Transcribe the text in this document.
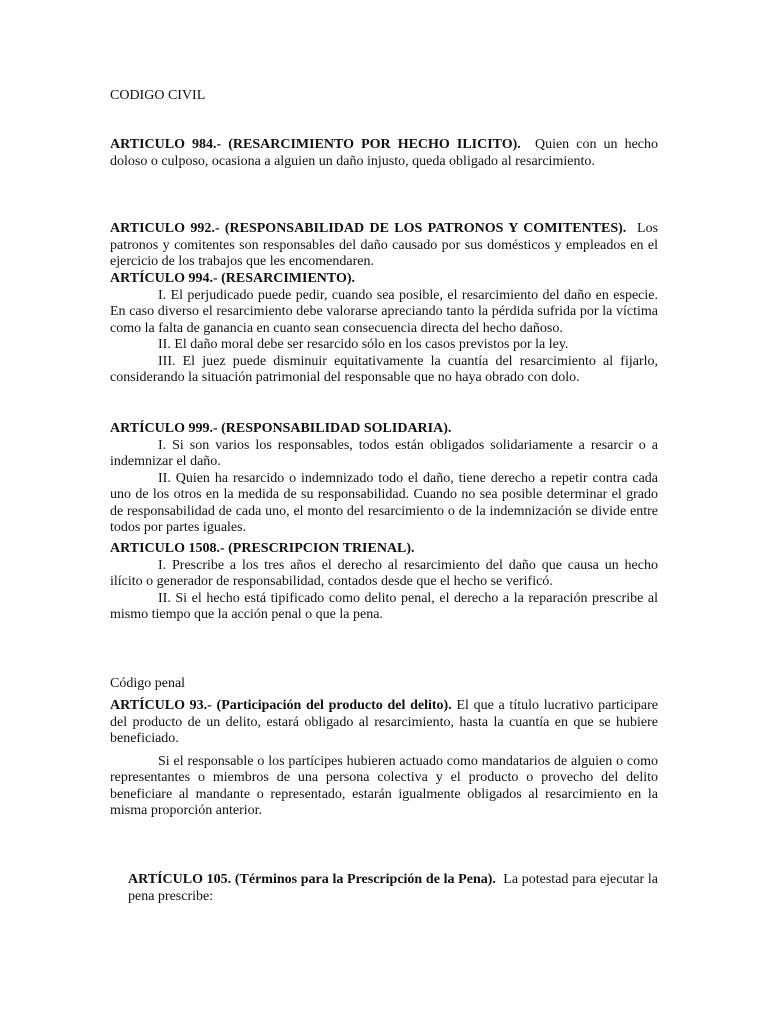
CODIGO CIVIL

ARTICULO 984.- (RESARCIMIENTO POR HECHO ILICITO). Quien con un hecho doloso o culposo, ocasiona a alguien un daño injusto, queda obligado al resarcimiento.

ARTICULO 992.- (RESPONSABILIDAD DE LOS PATRONOS Y COMITENTES). Los patronos y comitentes son responsables del daño causado por sus domésticos y empleados en el ejercicio de los trabajos que les encomendaren.

ARTÍCULO 994.- (RESARCIMIENTO).

I. El perjudicado puede pedir, cuando sea posible, el resarcimiento del daño en especie. En caso diverso el resarcimiento debe valorarse apreciando tanto la pérdida sufrida por la víctima como la falta de ganancia en cuanto sean consecuencia directa del hecho dañoso.

II. El daño moral debe ser resarcido sólo en los casos previstos por la ley.

III. El juez puede disminuir equitativamente la cuantía del resarcimiento al fijarlo, considerando la situación patrimonial del responsable que no haya obrado con dolo.

ARTÍCULO 999.- (RESPONSABILIDAD SOLIDARIA).

I. Si son varios los responsables, todos están obligados solidariamente a resarcir o a indemnizar el daño.

II. Quien ha resarcido o indemnizado todo el daño, tiene derecho a repetir contra cada uno de los otros en la medida de su responsabilidad. Cuando no sea posible determinar el grado de responsabilidad de cada uno, el monto del resarcimiento o de la indemnización se divide entre todos por partes iguales.

ARTICULO 1508.- (PRESCRIPCION TRIENAL).

I. Prescribe a los tres años el derecho al resarcimiento del daño que causa un hecho ilícito o generador de responsabilidad, contados desde que el hecho se verificó.

II. Si el hecho está tipificado como delito penal, el derecho a la reparación prescribe al mismo tiempo que la acción penal o que la pena.

Código penal

ARTÍCULO 93.- (Participación del producto del delito). El que a título lucrativo participare del producto de un delito, estará obligado al resarcimiento, hasta la cuantía en que se hubiere beneficiado.

Si el responsable o los partícipes hubieren actuado como mandatarios de alguien o como representantes o miembros de una persona colectiva y el producto o provecho del delito beneficiare al mandante o representado, estarán igualmente obligados al resarcimiento en la misma proporción anterior.

ARTÍCULO 105. (Términos para la Prescripción de la Pena). La potestad para ejecutar la pena prescribe:
